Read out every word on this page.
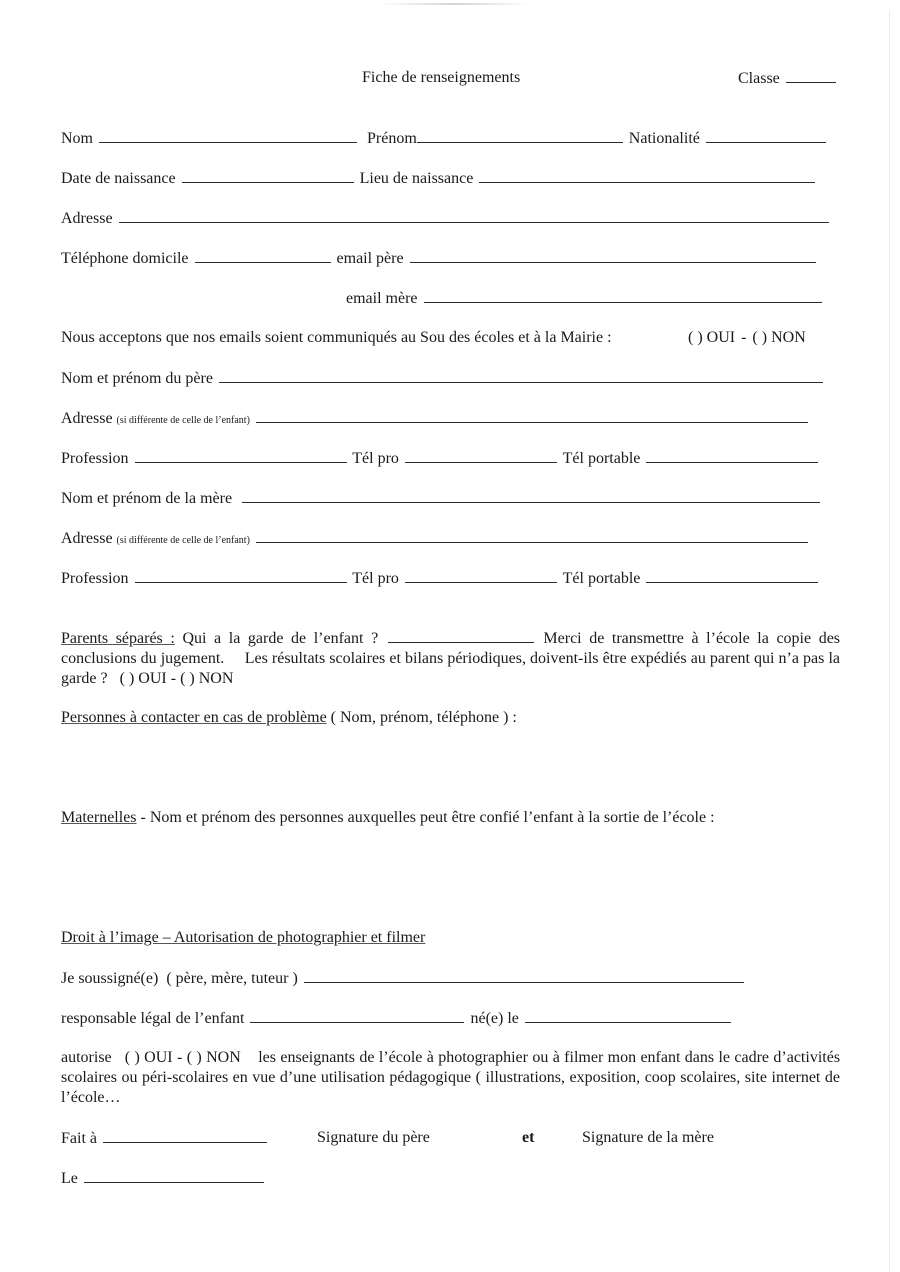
Fiche de renseignements	Classe
Nom	Prénom	Nationalité
Date de naissance	Lieu de naissance
Adresse
Téléphone domicile	email père
email mère
Nous acceptons que nos emails soient communiqués au Sou des écoles et à la Mairie :	( ) OUI - ( ) NON
Nom et prénom du père
Adresse (si différente de celle de l’enfant)
Profession	Tél pro	Tél portable
Nom et prénom de la mère
Adresse (si différente de celle de l’enfant)
Profession	Tél pro	Tél portable
Parents séparés : Qui a la garde de l’enfant ?	Merci de transmettre à l’école la copie des conclusions du jugement.     Les résultats scolaires et bilans périodiques, doivent-ils être expédiés au parent qui n’a pas la garde ? ( ) OUI - ( ) NON
Personnes à contacter en cas de problème ( Nom, prénom, téléphone ) :
Maternelles - Nom et prénom des personnes auxquelles peut être confié l’enfant à la sortie de l’école :
Droit à l’image – Autorisation de photographier et filmer
Je soussigné(e)  ( père, mère, tuteur )
responsable légal de l’enfant	né(e) le
autorise ( ) OUI - ( ) NON les enseignants de l’école à photographier ou à filmer mon enfant dans le cadre d’activités scolaires ou péri-scolaires en vue d’une utilisation pédagogique ( illustrations, exposition, coop scolaires, site internet de l’école…
Fait à	Signature du père	et	Signature de la mère
Le
